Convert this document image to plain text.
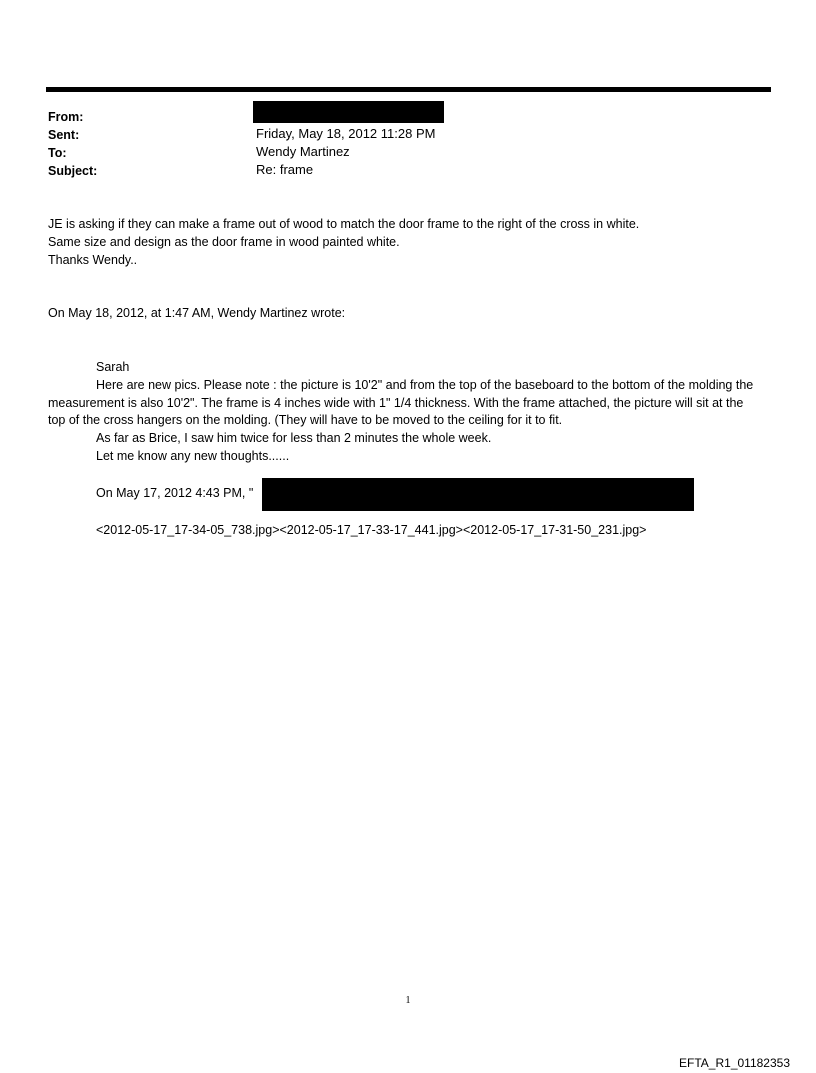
From:
Sent:	Friday, May 18, 2012 11:28 PM
To:	Wendy Martinez
Subject:	Re: frame
JE is asking if they can make a frame out of wood to match the door frame to the right of the cross in white.
Same size and design as the door frame in wood painted white.
Thanks Wendy..
On May 18, 2012, at 1:47 AM, Wendy Martinez wrote:
Sarah

Here are new pics. Please note : the picture is 10'2" and from the top of the baseboard to the bottom of the molding the measurement is also 10'2". The frame is 4 inches wide with 1" 1/4 thickness. With the frame attached, the picture will sit at the top of the cross hangers on the molding. (They will have to be moved to the ceiling for it to fit.

As far as Brice, I saw him twice for less than 2 minutes the whole week.
Let me know any new thoughts......
On May 17, 2012 4:43 PM, "
<2012-05-17_17-34-05_738.jpg><2012-05-17_17-33-17_441.jpg><2012-05-17_17-31-50_231.jpg>
1
EFTA_R1_01182353
